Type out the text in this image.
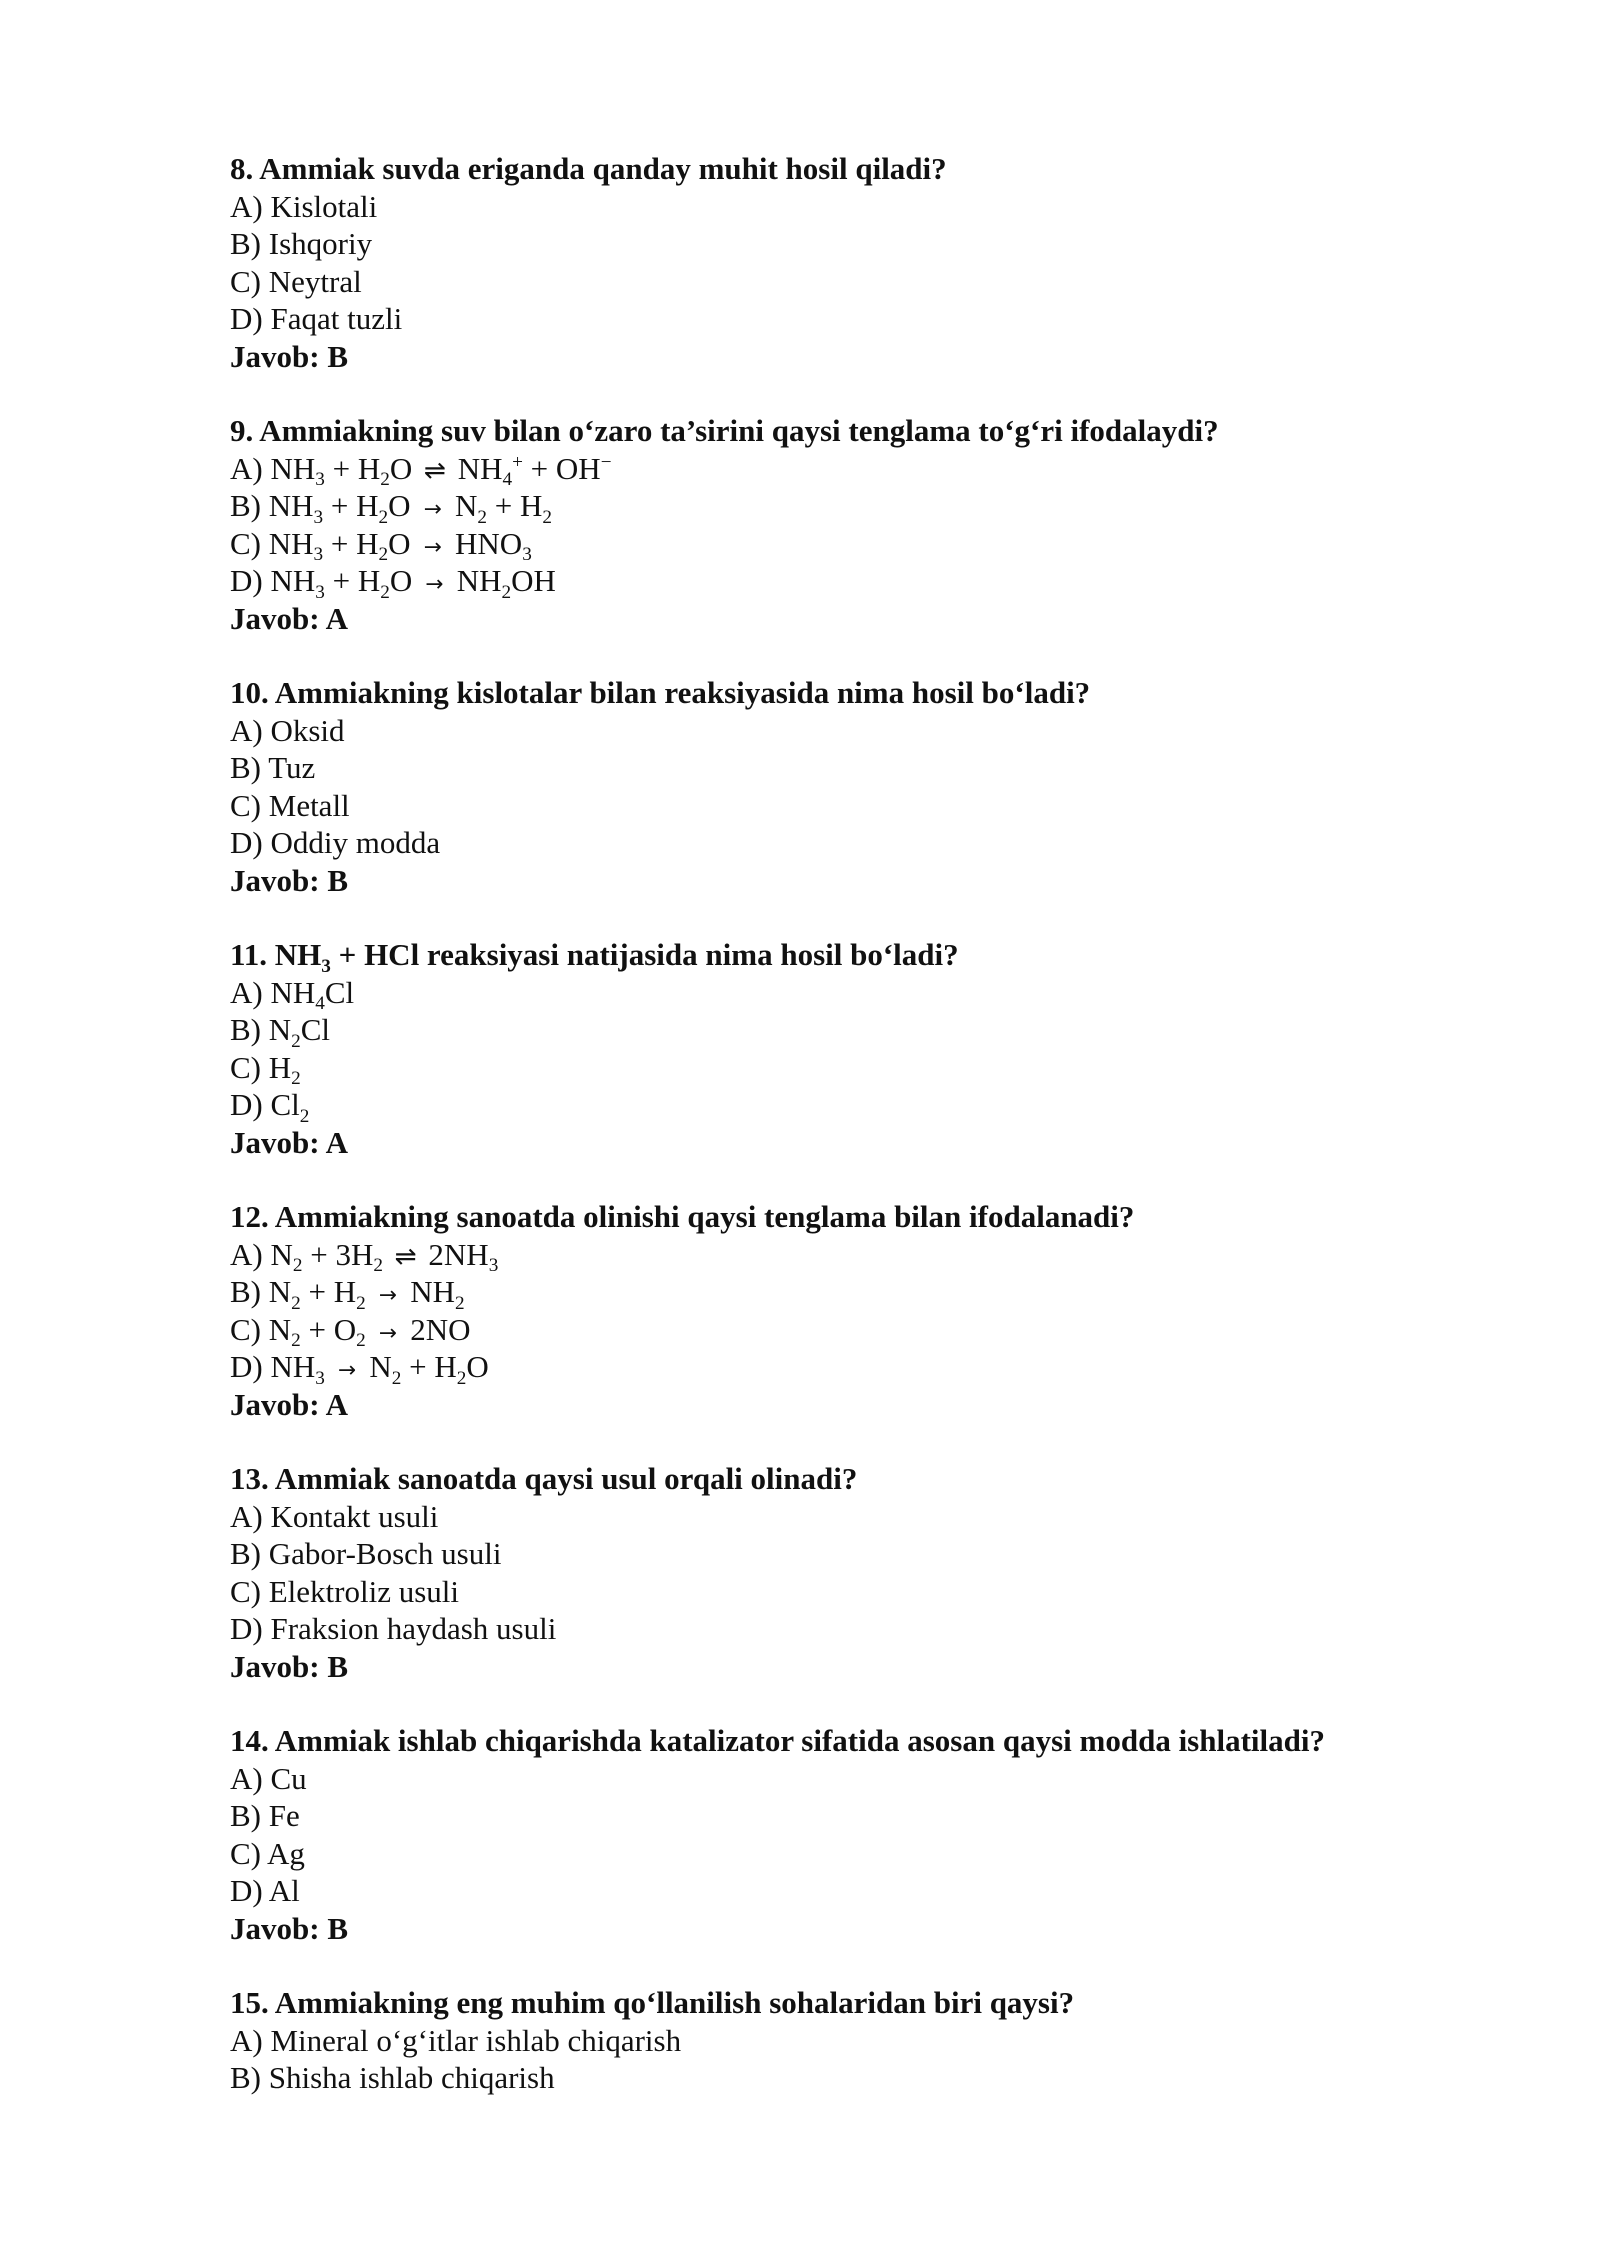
8. Ammiak suvda eriganda qanday muhit hosil qiladi?
A) Kislotali
B) Ishqoriy
C) Neytral
D) Faqat tuzli
Javob: B
9. Ammiakning suv bilan o‘zaro ta’sirini qaysi tenglama to‘g‘ri ifodalaydi?
A) $NH_3 + H_2O$ ⇌ $NH_4^+ + OH^-$
B) $NH_3 + H_2O \to N_2 + H_2$
C) $NH_3 + H_2O \to HNO_3$
D) $NH_3 + H_2O \to NH_2OH$
Javob: A
10. Ammiakning kislotalar bilan reaksiyasida nima hosil bo‘ladi?
A) Oksid
B) Tuz
C) Metall
D) Oddiy modda
Javob: B
11. $NH_3$ + HCl reaksiyasi natijasida nima hosil bo‘ladi?
A) $NH_4Cl$
B) $N_2Cl$
C) $H_2$
D) $Cl_2$
Javob: A
12. Ammiakning sanoatda olinishi qaysi tenglama bilan ifodalanadi?
A) $N_2 + 3H_2$ ⇌ $2NH_3$
B) $N_2 + H_2 \to NH_2$
C) $N_2 + O_2 \to 2NO$
D) $NH_3 \to N_2 + H_2O$
Javob: A
13. Ammiak sanoatda qaysi usul orqali olinadi?
A) Kontakt usuli
B) Gabor-Bosch usuli
C) Elektroliz usuli
D) Fraksion haydash usuli
Javob: B
14. Ammiak ishlab chiqarishda katalizator sifatida asosan qaysi modda ishlatiladi?
A) Cu
B) Fe
C) Ag
D) Al
Javob: B
15. Ammiakning eng muhim qo‘llanilish sohalaridan biri qaysi?
A) Mineral o‘g‘itlar ishlab chiqarish
B) Shisha ishlab chiqarish
